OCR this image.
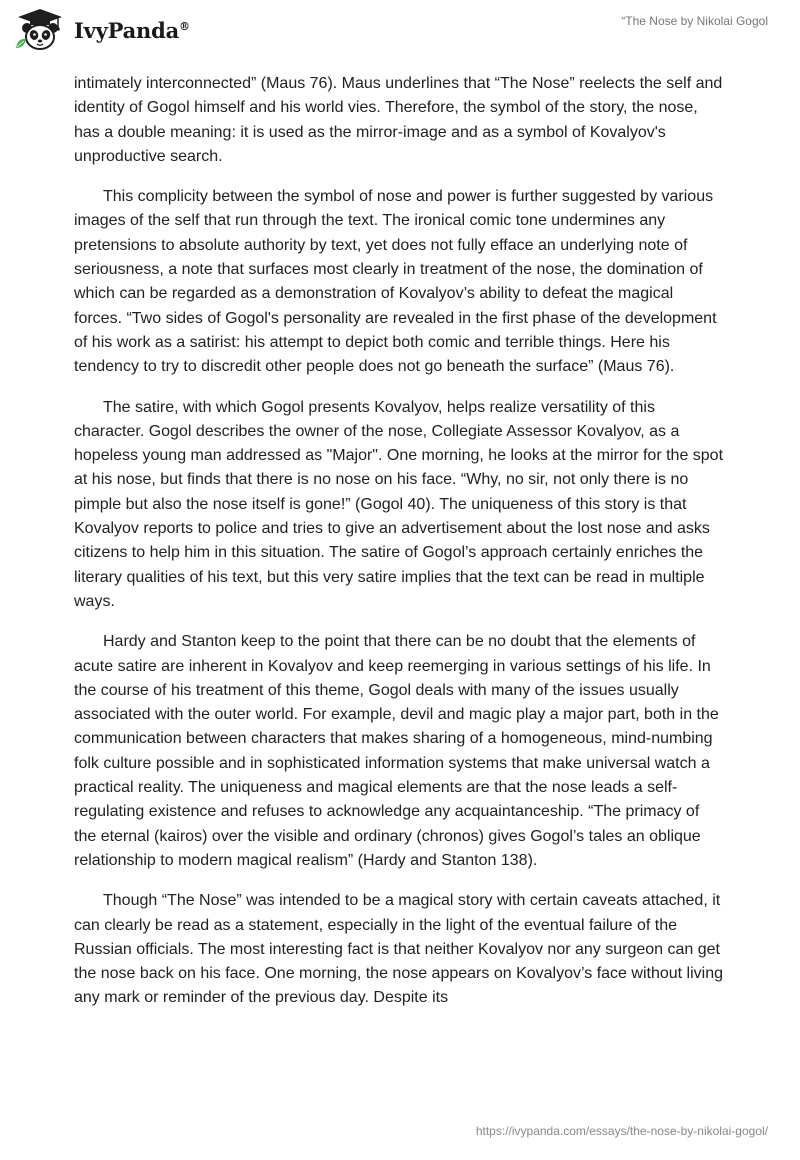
IvyPanda®	“The Nose by Nikolai Gogol

intimately interconnected” (Maus 76). Maus underlines that “The Nose” reelects the self and identity of Gogol himself and his world vies. Therefore, the symbol of the story, the nose, has a double meaning: it is used as the mirror-image and as a symbol of Kovalyov's unproductive search.

This complicity between the symbol of nose and power is further suggested by various images of the self that run through the text. The ironical comic tone undermines any pretensions to absolute authority by text, yet does not fully efface an underlying note of seriousness, a note that surfaces most clearly in treatment of the nose, the domination of which can be regarded as a demonstration of Kovalyov’s ability to defeat the magical forces. “Two sides of Gogol's personality are revealed in the first phase of the development of his work as a satirist: his attempt to depict both comic and terrible things. Here his tendency to try to discredit other people does not go beneath the surface” (Maus 76).

The satire, with which Gogol presents Kovalyov, helps realize versatility of this character. Gogol describes the owner of the nose, Collegiate Assessor Kovalyov, as a hopeless young man addressed as "Major". One morning, he looks at the mirror for the spot at his nose, but finds that there is no nose on his face. “Why, no sir, not only there is no pimple but also the nose itself is gone!” (Gogol 40). The uniqueness of this story is that Kovalyov reports to police and tries to give an advertisement about the lost nose and asks citizens to help him in this situation. The satire of Gogol’s approach certainly enriches the literary qualities of his text, but this very satire implies that the text can be read in multiple ways.

Hardy and Stanton keep to the point that there can be no doubt that the elements of acute satire are inherent in Kovalyov and keep reemerging in various settings of his life. In the course of his treatment of this theme, Gogol deals with many of the issues usually associated with the outer world. For example, devil and magic play a major part, both in the communication between characters that makes sharing of a homogeneous, mind-numbing folk culture possible and in sophisticated information systems that make universal watch a practical reality. The uniqueness and magical elements are that the nose leads a self-regulating existence and refuses to acknowledge any acquaintanceship. “The primacy of the eternal (kairos) over the visible and ordinary (chronos) gives Gogol’s tales an oblique relationship to modern magical realism” (Hardy and Stanton 138).

Though “The Nose” was intended to be a magical story with certain caveats attached, it can clearly be read as a statement, especially in the light of the eventual failure of the Russian officials. The most interesting fact is that neither Kovalyov nor any surgeon can get the nose back on his face. One morning, the nose appears on Kovalyov’s face without living any mark or reminder of the previous day. Despite its

https://ivypanda.com/essays/the-nose-by-nikolai-gogol/
